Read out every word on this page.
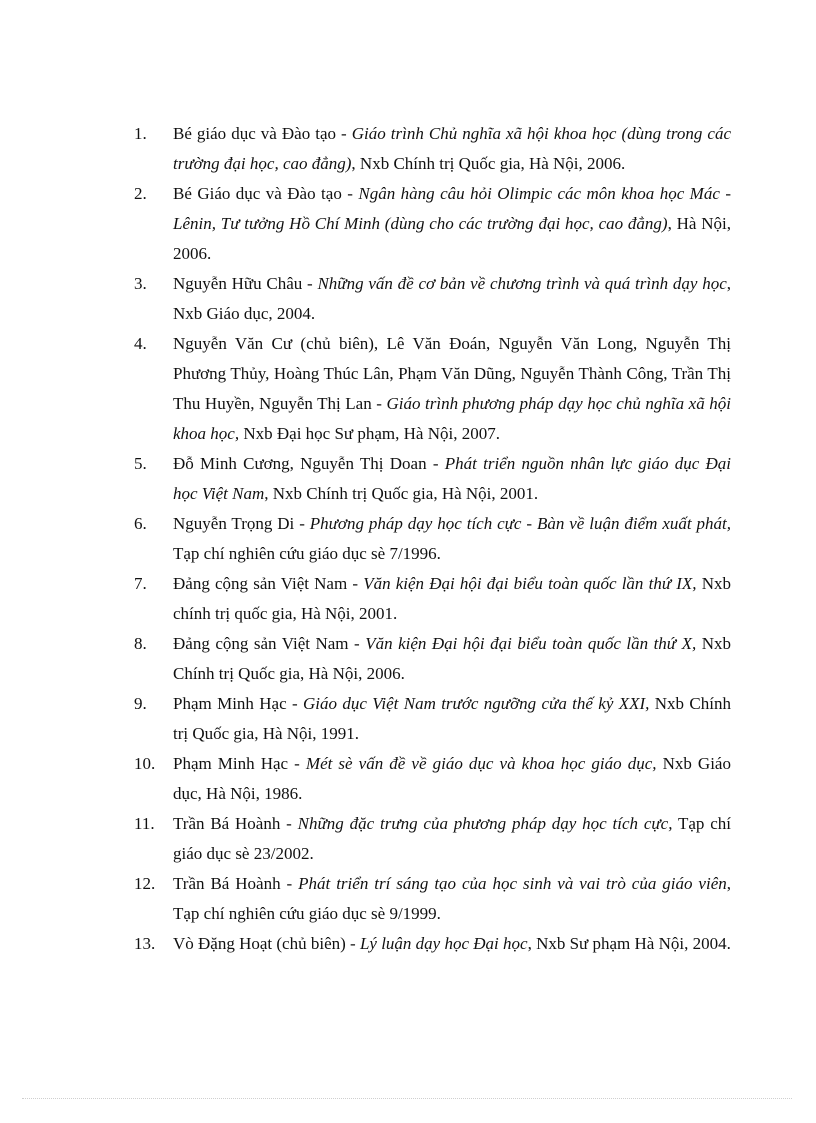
1. Bé giáo dục và Đào tạo - Giáo trình Chủ nghĩa xã hội khoa học (dùng trong các trường đại học, cao đẳng), Nxb Chính trị Quốc gia, Hà Nội, 2006.
2. Bé Giáo dục và Đào tạo - Ngân hàng câu hỏi Olimpic các môn khoa học Mác - Lênin, Tư tưởng Hồ Chí Minh (dùng cho các trường đại học, cao đẳng), Hà Nội, 2006.
3. Nguyễn Hữu Châu - Những vấn đề cơ bản về chương trình và quá trình dạy học, Nxb Giáo dục, 2004.
4. Nguyễn Văn Cư (chủ biên), Lê Văn Đoán, Nguyễn Văn Long, Nguyễn Thị Phương Thủy, Hoàng Thúc Lân, Phạm Văn Dũng, Nguyễn Thành Công, Trần Thị Thu Huyền, Nguyễn Thị Lan - Giáo trình phương pháp dạy học chủ nghĩa xã hội khoa học, Nxb Đại học Sư phạm, Hà Nội, 2007.
5. Đỗ Minh Cương, Nguyễn Thị Doan - Phát triển nguồn nhân lực giáo dục Đại học Việt Nam, Nxb Chính trị Quốc gia, Hà Nội, 2001.
6. Nguyễn Trọng Di - Phương pháp dạy học tích cực - Bàn về luận điểm xuất phát, Tạp chí nghiên cứu giáo dục sè 7/1996.
7. Đảng cộng sản Việt Nam - Văn kiện Đại hội đại biểu toàn quốc lần thứ IX, Nxb chính trị quốc gia, Hà Nội, 2001.
8. Đảng cộng sản Việt Nam - Văn kiện Đại hội đại biểu toàn quốc lần thứ X, Nxb Chính trị Quốc gia, Hà Nội, 2006.
9. Phạm Minh Hạc - Giáo dục Việt Nam trước ngưỡng cửa thế kỷ XXI, Nxb Chính trị Quốc gia, Hà Nội, 1991.
10. Phạm Minh Hạc - Mét sè vấn đề về giáo dục và khoa học giáo dục, Nxb Giáo dục, Hà Nội, 1986.
11. Trần Bá Hoành - Những đặc trưng của phương pháp dạy học tích cực, Tạp chí giáo dục sè 23/2002.
12. Trần Bá Hoành - Phát triển trí sáng tạo của học sinh và vai trò của giáo viên, Tạp chí nghiên cứu giáo dục sè 9/1999.
13. Vò Đặng Hoạt (chủ biên) - Lý luận dạy học Đại học, Nxb Sư phạm Hà Nội, 2004.
